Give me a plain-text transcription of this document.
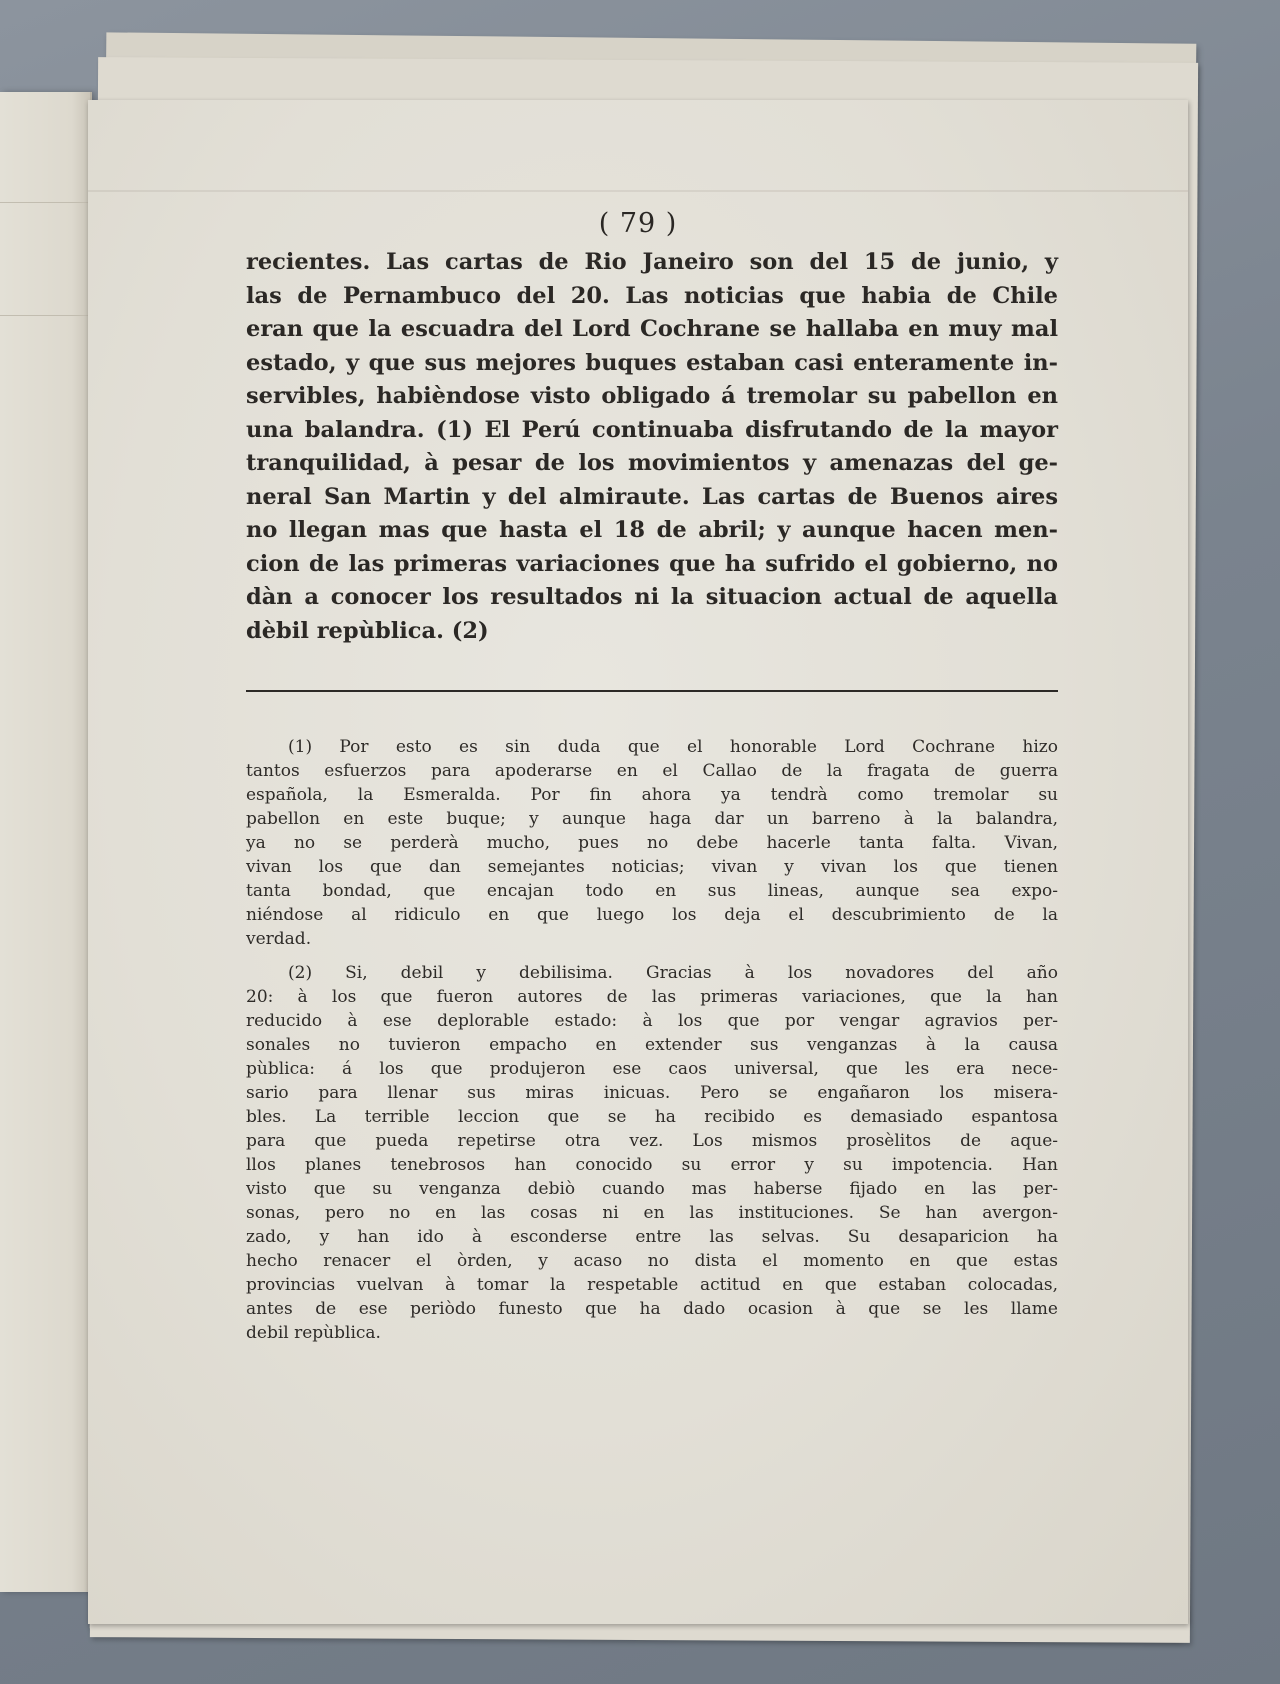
( 79 )
recientes. Las cartas de Rio Janeiro son del 15 de junio, y
las de Pernambuco del 20. Las noticias que habia de Chile
eran que la escuadra del Lord Cochrane se hallaba en muy mal
estado, y que sus mejores buques estaban casi enteramente in-
servibles, habièndose visto obligado á tremolar su pabellon en
una balandra. (1) El Perú continuaba disfrutando de la mayor
tranquilidad, à pesar de los movimientos y amenazas del ge-
neral San Martin y del almiraute. Las cartas de Buenos aires
no llegan mas que hasta el 18 de abril; y aunque hacen men-
cion de las primeras variaciones que ha sufrido el gobierno, no
dàn a conocer los resultados ni la situacion actual de aquella
dèbil repùblica. (2)
(1) Por esto es sin duda que el honorable Lord Cochrane hizo
tantos esfuerzos para apoderarse en el Callao de la fragata de guerra
española, la Esmeralda. Por fin ahora ya tendrà como tremolar su
pabellon en este buque; y aunque haga dar un barreno à la balandra,
ya no se perderà mucho, pues no debe hacerle tanta falta. Vivan,
vivan los que dan semejantes noticias; vivan y vivan los que tienen
tanta bondad, que encajan todo en sus lineas, aunque sea expo-
niéndose al ridiculo en que luego los deja el descubrimiento de la
verdad.
(2) Si, debil y debilisima. Gracias à los novadores del año
20: à los que fueron autores de las primeras variaciones, que la han
reducido à ese deplorable estado: à los que por vengar agravios per-
sonales no tuvieron empacho en extender sus venganzas à la causa
pùblica: á los que produjeron ese caos universal, que les era nece-
sario para llenar sus miras inicuas. Pero se engañaron los misera-
bles. La terrible leccion que se ha recibido es demasiado espantosa
para que pueda repetirse otra vez. Los mismos prosèlitos de aque-
llos planes tenebrosos han conocido su error y su impotencia. Han
visto que su venganza debiò cuando mas haberse fijado en las per-
sonas, pero no en las cosas ni en las instituciones. Se han avergon-
zado, y han ido à esconderse entre las selvas. Su desaparicion ha
hecho renacer el òrden, y acaso no dista el momento en que estas
provincias vuelvan à tomar la respetable actitud en que estaban colocadas,
antes de ese periòdo funesto que ha dado ocasion à que se les llame
debil repùblica.
